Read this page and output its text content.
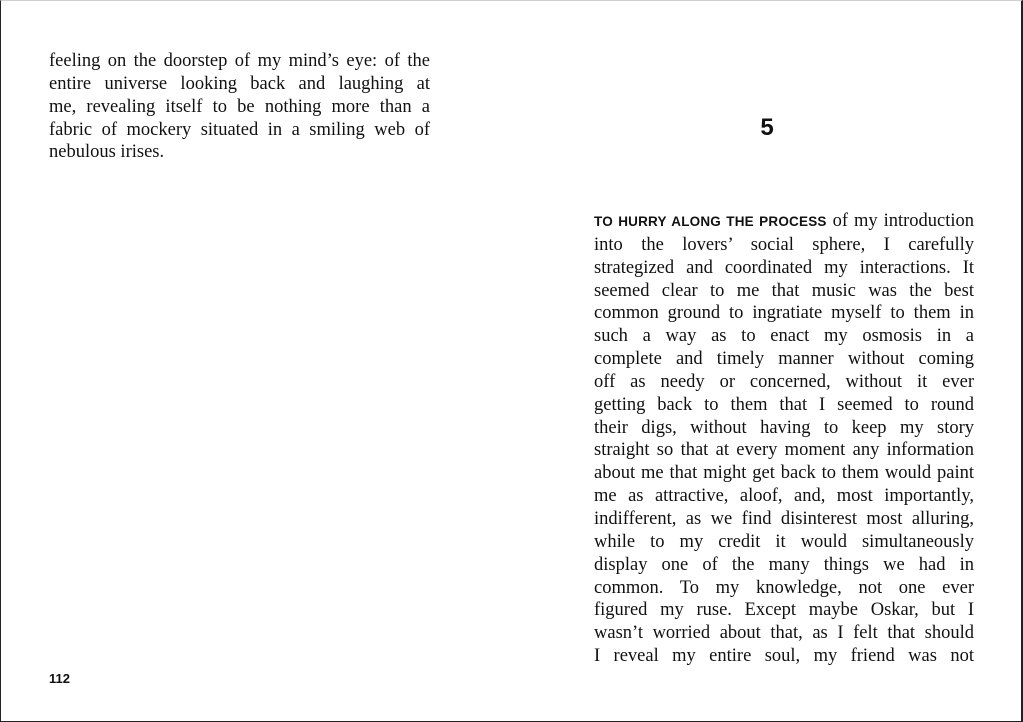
feeling on the doorstep of my mind’s eye: of the
entire universe looking back and laughing at
me, revealing itself to be nothing more than a
fabric of mockery situated in a smiling web of
nebulous irises.
112
5
TO HURRY ALONG THE PROCESS of my introduction
into the lovers’ social sphere, I carefully
strategized and coordinated my interactions. It
seemed clear to me that music was the best
common ground to ingratiate myself to them in
such a way as to enact my osmosis in a
complete and timely manner without coming
off as needy or concerned, without it ever
getting back to them that I seemed to round
their digs, without having to keep my story
straight so that at every moment any information
about me that might get back to them would paint
me as attractive, aloof, and, most importantly,
indifferent, as we find disinterest most alluring,
while to my credit it would simultaneously
display one of the many things we had in
common. To my knowledge, not one ever
figured my ruse. Except maybe Oskar, but I
wasn’t worried about that, as I felt that should
I reveal my entire soul, my friend was not
